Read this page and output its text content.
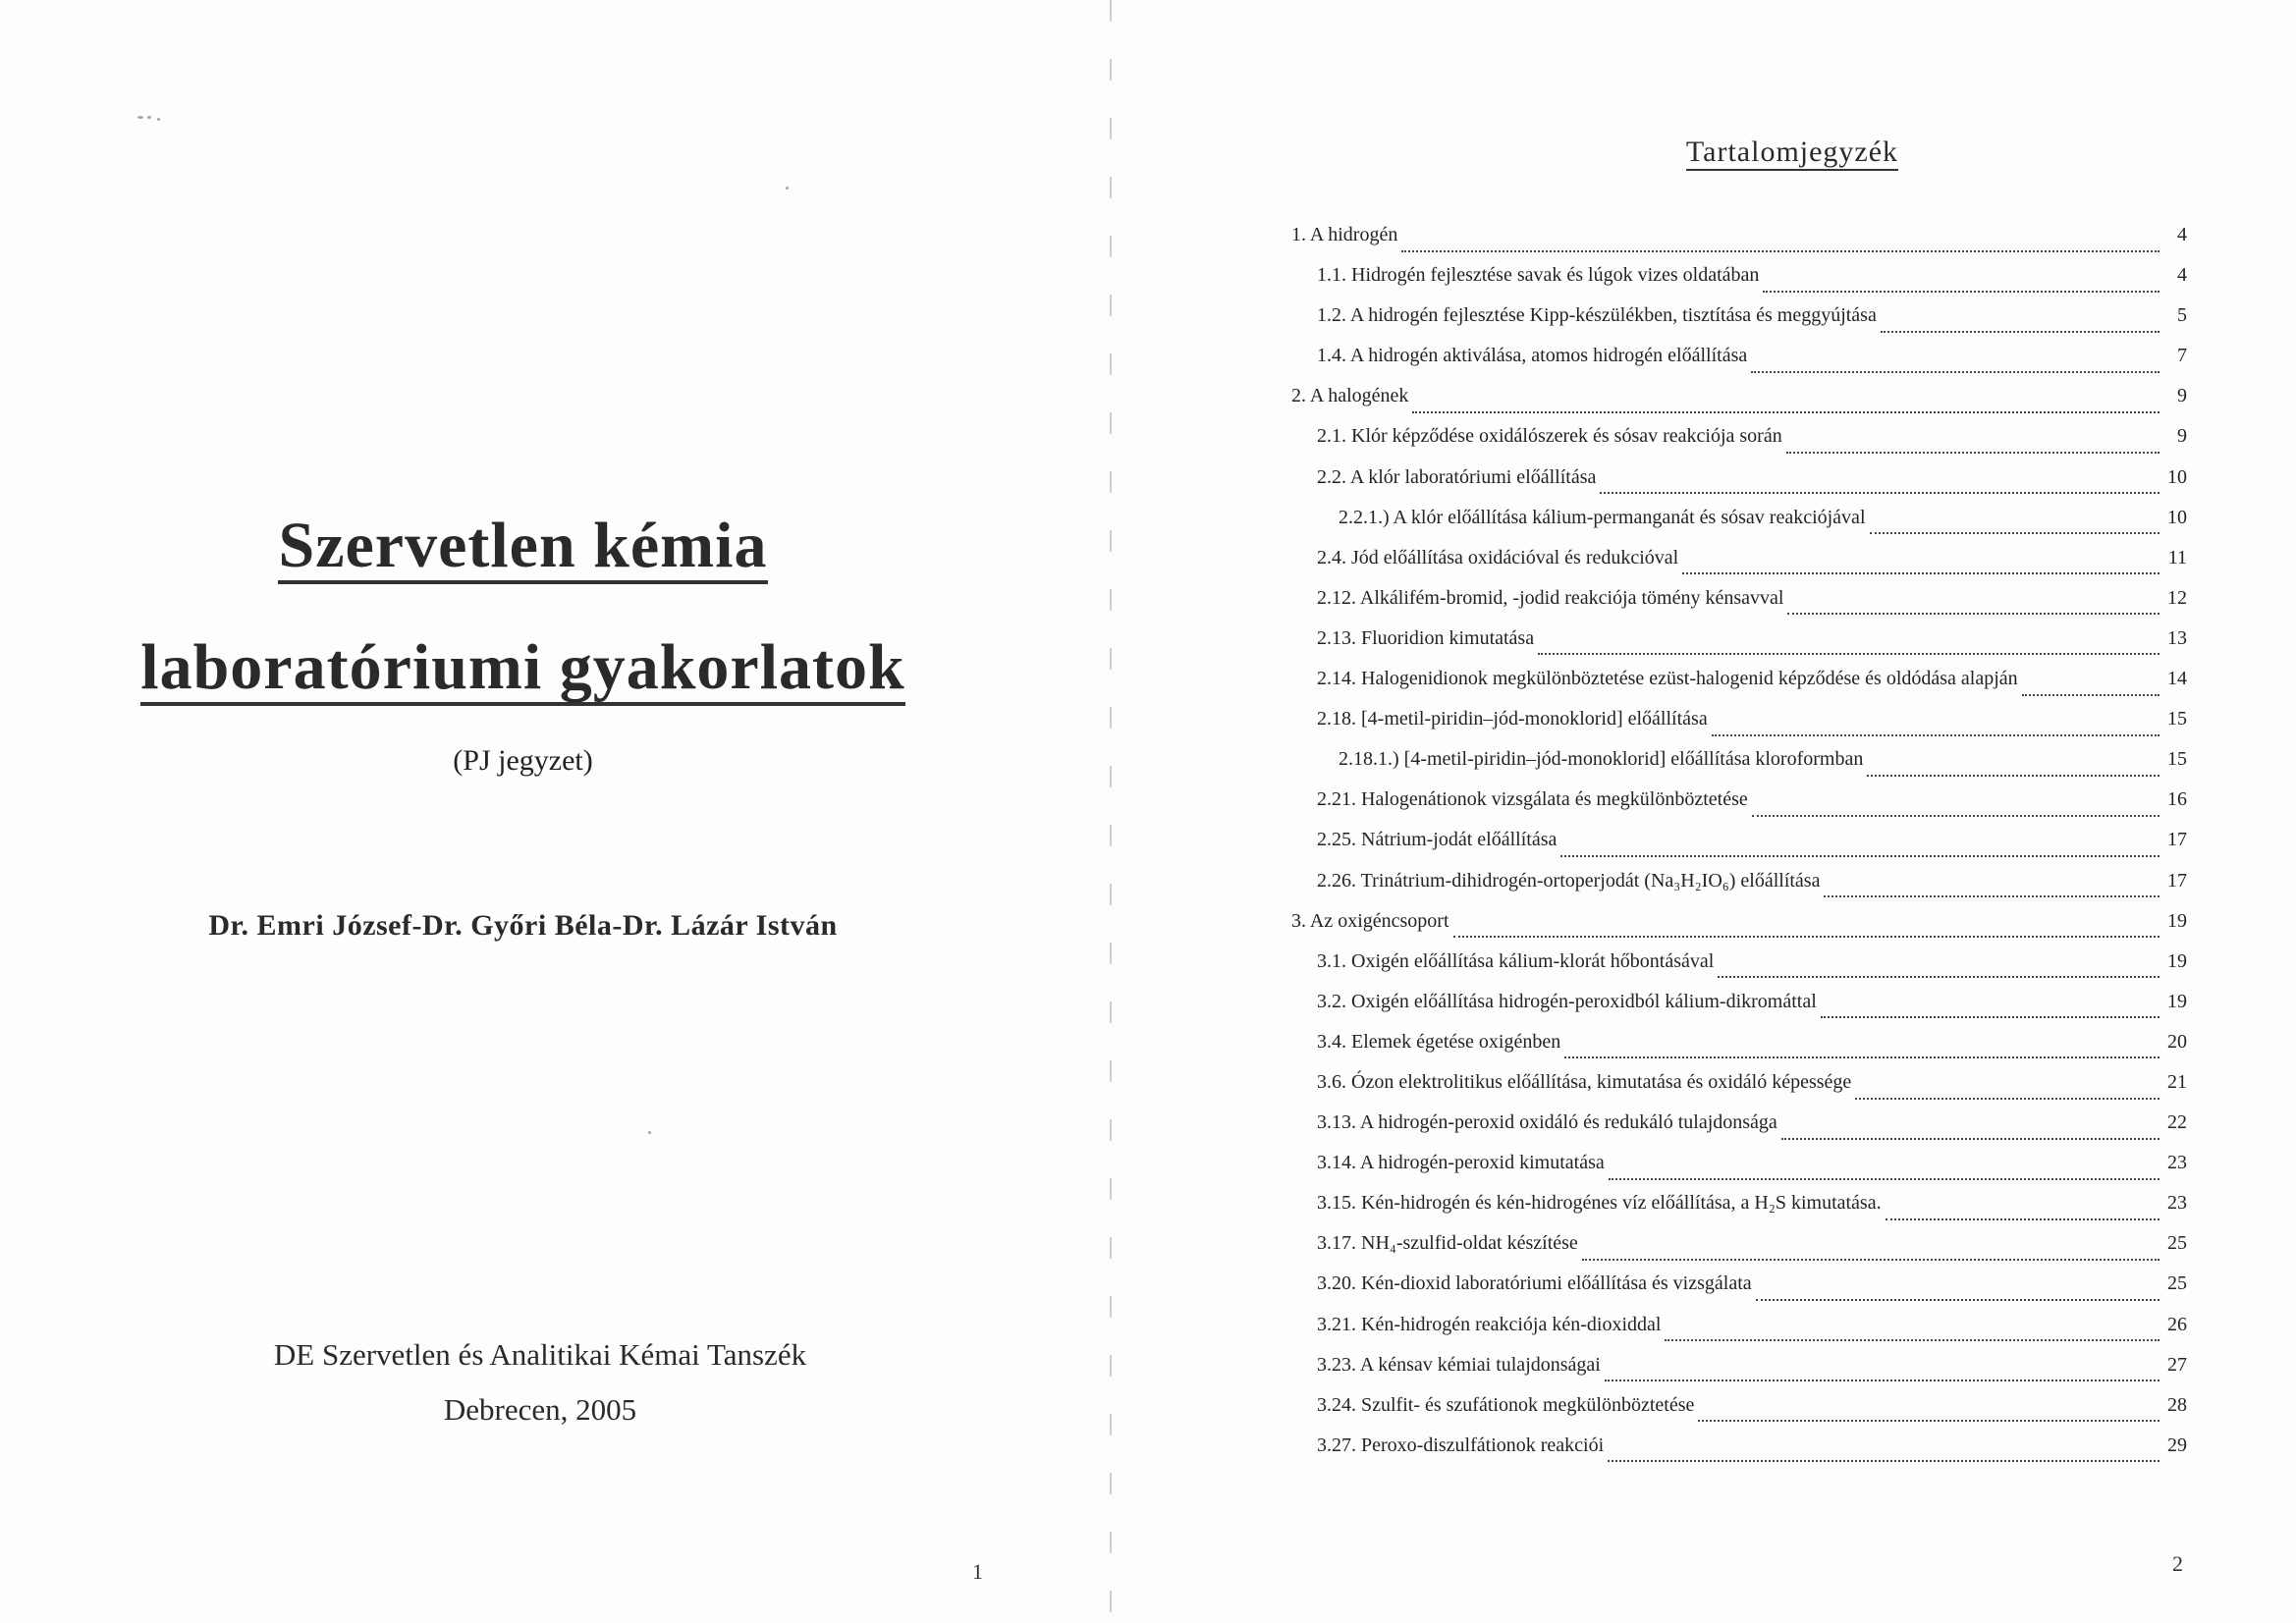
Szervetlen kémia
laboratóriumi gyakorlatok
(PJ jegyzet)
Dr. Emri József-Dr. Győri Béla-Dr. Lázár István
DE Szervetlen és Analitikai Kémai Tanszék
Debrecen, 2005
1
Tartalomjegyzék
1. A hidrogén	4
1.1. Hidrogén fejlesztése savak és lúgok vizes oldatában	4
1.2. A hidrogén fejlesztése Kipp-készülékben, tisztítása és meggyújtása	5
1.4. A hidrogén aktiválása, atomos hidrogén előállítása	7
2. A halogének	9
2.1. Klór képződése oxidálószerek és sósav reakciója során	9
2.2. A klór laboratóriumi előállítása	10
2.2.1.) A klór előállítása kálium-permanganát és sósav reakciójával	10
2.4. Jód előállítása oxidációval és redukcióval	11
2.12. Alkálifém-bromid, -jodid reakciója tömény kénsavval	12
2.13. Fluoridion kimutatása	13
2.14. Halogenidionok megkülönböztetése ezüst-halogenid képződése és oldódása alapján	14
2.18. [4-metil-piridin–jód-monoklorid] előállítása	15
2.18.1.) [4-metil-piridin–jód-monoklorid] előállítása kloroformban	15
2.21. Halogenátionok vizsgálata és megkülönböztetése	16
2.25. Nátrium-jodát előállítása	17
2.26. Trinátrium-dihidrogén-ortoperjodát (Na₃H₂IO₆) előállítása	17
3. Az oxigéncsoport	19
3.1. Oxigén előállítása kálium-klorát hőbontásával	19
3.2. Oxigén előállítása hidrogén-peroxidból kálium-dikromáttal	19
3.4. Elemek égetése oxigénben	20
3.6. Ózon elektrolitikus előállítása, kimutatása és oxidáló képessége	21
3.13. A hidrogén-peroxid oxidáló és redukáló tulajdonsága	22
3.14. A hidrogén-peroxid kimutatása	23
3.15. Kén-hidrogén és kén-hidrogénes víz előállítása, a H₂S kimutatása.	23
3.17. NH₄-szulfid-oldat készítése	25
3.20. Kén-dioxid laboratóriumi előállítása és vizsgálata	25
3.21. Kén-hidrogén reakciója kén-dioxiddal	26
3.23. A kénsav kémiai tulajdonságai	27
3.24. Szulfit- és szufátionok megkülönböztetése	28
3.27. Peroxo-diszulfátionok reakciói	29
2
